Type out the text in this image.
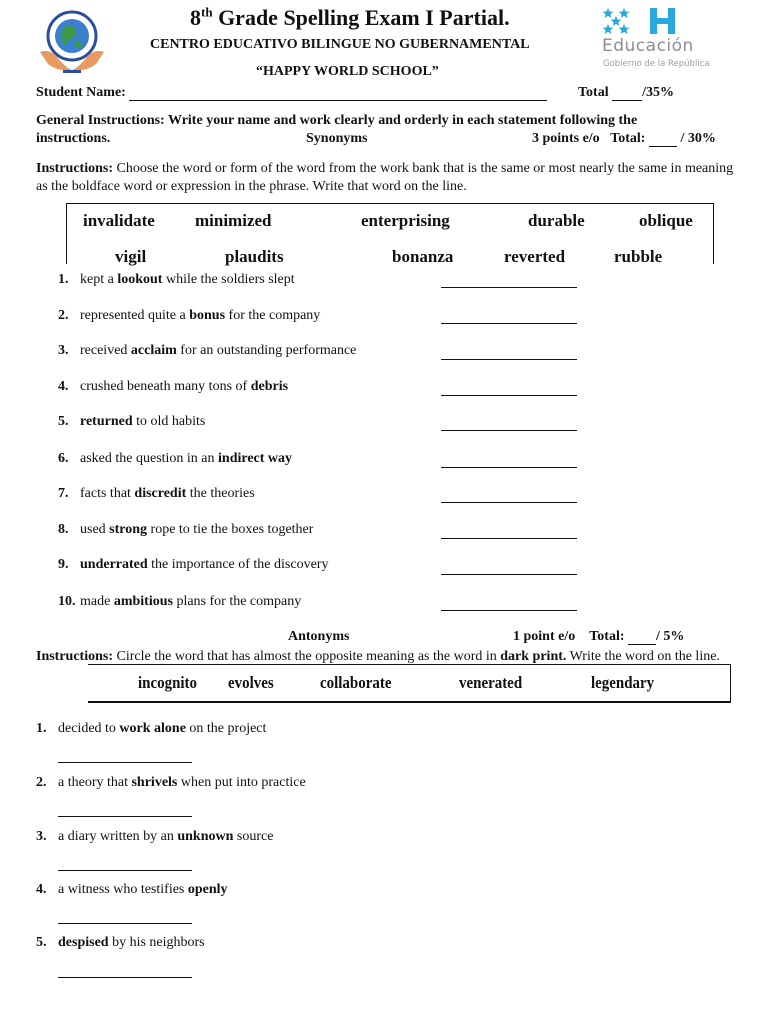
8th Grade Spelling Exam I Partial.
CENTRO EDUCATIVO BILINGUE NO GUBERNAMENTAL
“HAPPY WORLD SCHOOL”
Educación
Gobierno de la República
Student Name:	Total /35%
General Instructions: Write your name and work clearly and orderly in each statement following the
instructions.	Synonyms	3 points e/o Total:	/ 30%
Instructions: Choose the word or form of the word from the work bank that is the same or most nearly the same in meaning as the boldface word or expression in the phrase. Write that word on the line.
invalidate minimized	enterprising	durable	oblique
vigil	plaudits	bonanza	reverted	rubble
1. kept a lookout while the soldiers slept
2. represented quite a bonus for the company
3. received acclaim for an outstanding performance
4. crushed beneath many tons of debris
5. returned to old habits
6. asked the question in an indirect way
7. facts that discredit the theories
8. used strong rope to tie the boxes together
9. underrated the importance of the discovery
10. made ambitious plans for the company
Antonyms	1 point e/o Total: / 5%
Instructions: Circle the word that has almost the opposite meaning as the word in dark print. Write the word on the line.
incognito evolves	collaborate	venerated	legendary
1. decided to work alone on the project
2. a theory that shrivels when put into practice
3. a diary written by an unknown source
4. a witness who testifies openly
5. despised by his neighbors
